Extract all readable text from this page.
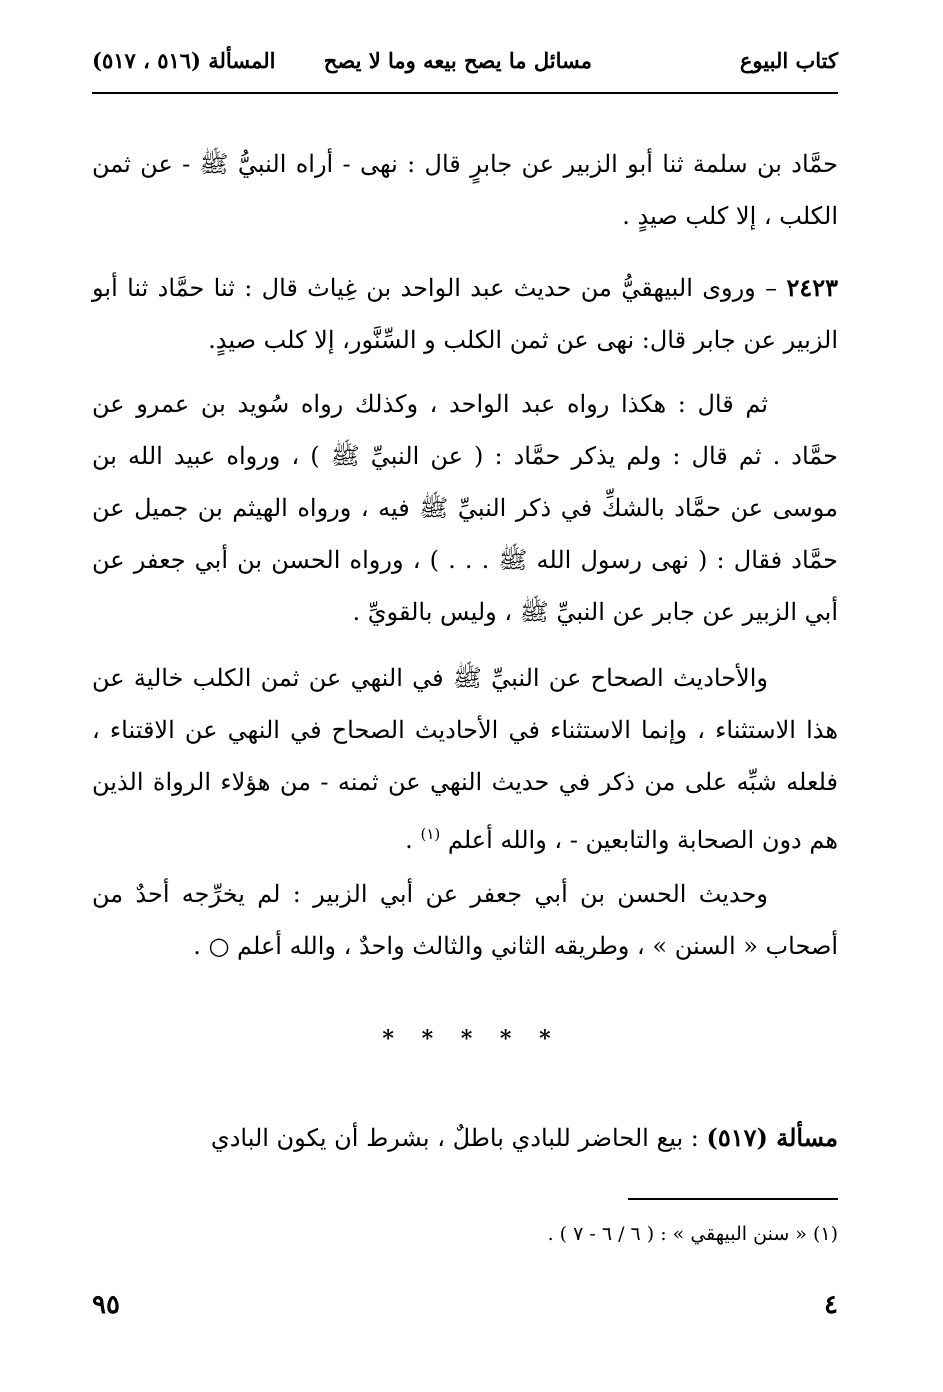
كتاب البيوع
مسائل ما يصح بيعه وما لا يصح
المسألة (٥١٦ ، ٥١٧)

حمَّاد بن سلمة ثنا أبو الزبير عن جابرٍ قال : نهى - أراه النبيُّ ﷺ - عن ثمن الكلب ، إلا كلب صيدٍ .

٢٤٢٣ – وروى البيهقيُّ من حديث عبد الواحد بن غِياث قال : ثنا حمَّاد ثنا أبو الزبير عن جابر قال: نهى عن ثمن الكلب و السِّنَّور، إلا كلب صيدٍ.

ثم قال : هكذا رواه عبد الواحد ، وكذلك رواه سُويد بن عمرو عن حمَّاد . ثم قال : ولم يذكر حمَّاد : ( عن النبيِّ ﷺ ) ، ورواه عبيد الله بن موسى عن حمَّاد بالشكِّ في ذكر النبيِّ ﷺ فيه ، ورواه الهيثم بن جميل عن حمَّاد فقال : ( نهى رسول الله ﷺ . . . ) ، ورواه الحسن بن أبي جعفر عن أبي الزبير عن جابر عن النبيِّ ﷺ ، وليس بالقويِّ .

والأحاديث الصحاح عن النبيِّ ﷺ في النهي عن ثمن الكلب خالية عن هذا الاستثناء ، وإنما الاستثناء في الأحاديث الصحاح في النهي عن الاقتناء ، فلعله شبِّه على من ذكر في حديث النهي عن ثمنه - من هؤلاء الرواة الذين هم دون الصحابة والتابعين - ، والله أعلم $^{(١)}$ .

وحديث الحسن بن أبي جعفر عن أبي الزبير : لم يخرِّجه أحدٌ من أصحاب « السنن » ، وطريقه الثاني والثالث واحدٌ ، والله أعلم ○ .

* * * * *

مسألة (٥١٧) : بيع الحاضر للبادي باطلٌ ، بشرط أن يكون البادي

(١) « سنن البيهقي » : ( ٦ / ٦ - ٧ ) .
٤
٩٥
